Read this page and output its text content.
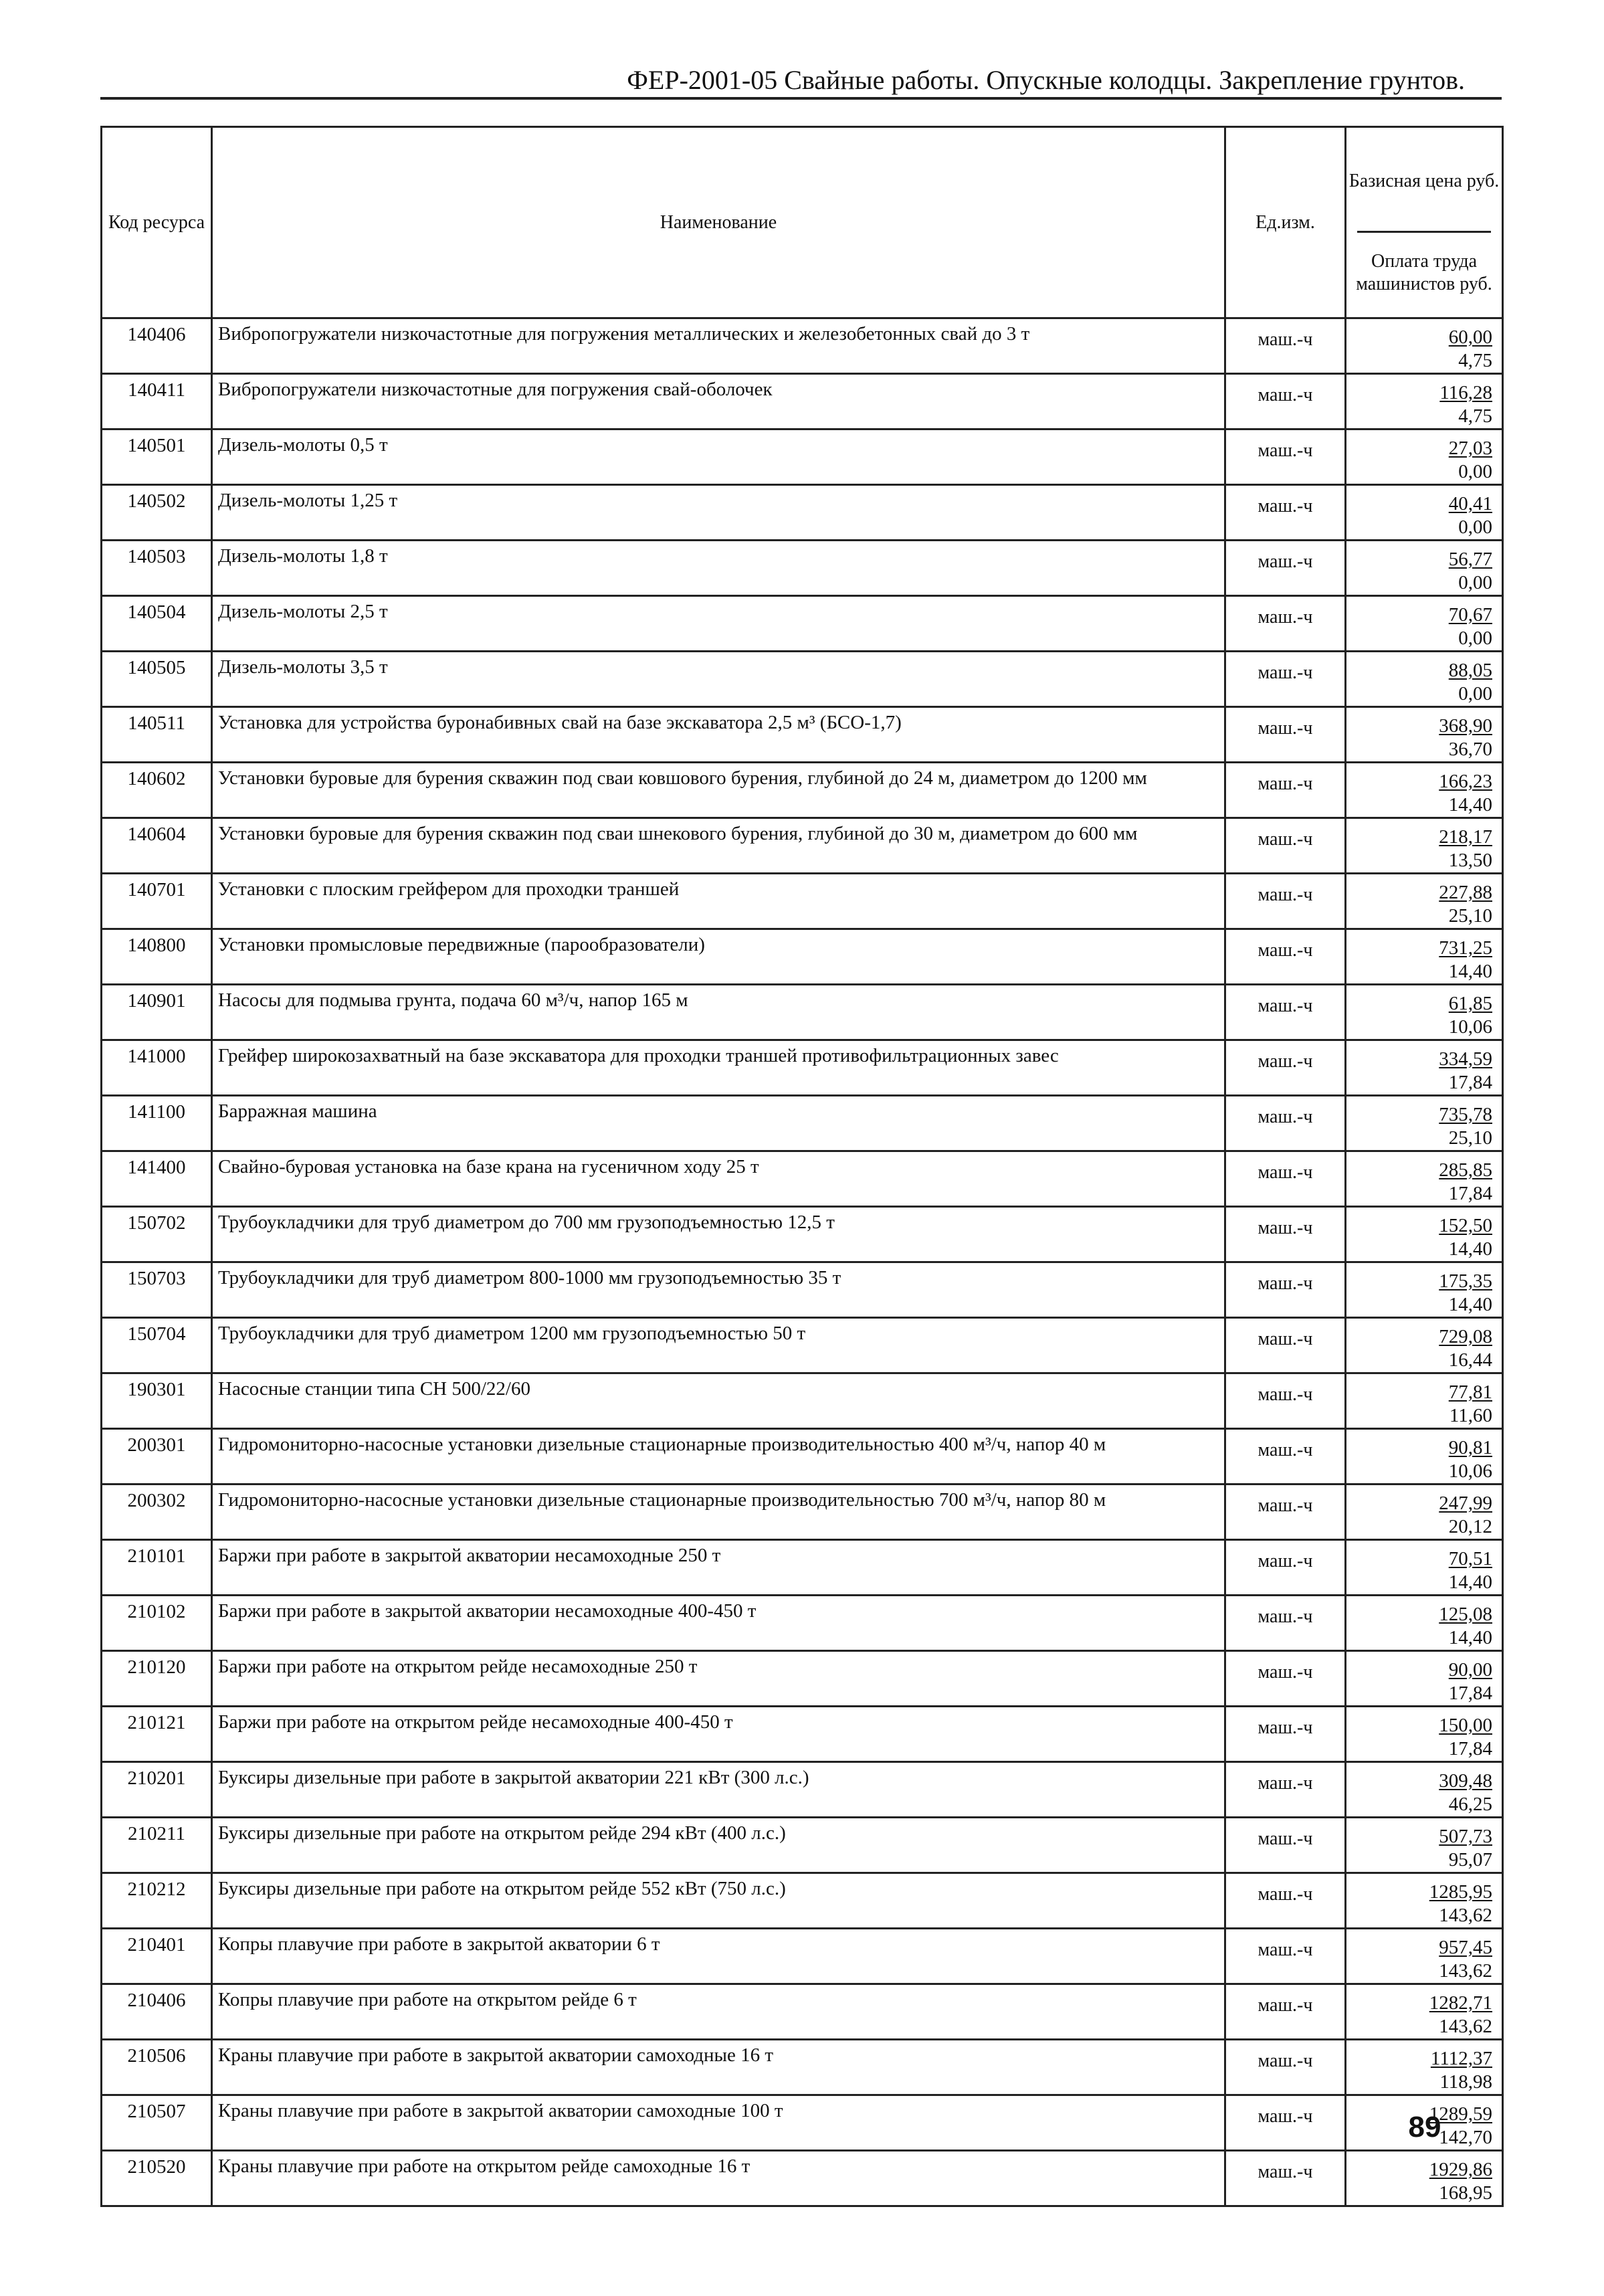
ФЕР-2001-05 Свайные работы. Опускные колодцы. Закрепление грунтов.
Код ресурса	Наименование	Ед.изм.	Базисная цена руб.
Оплата труда машинистов руб.

140406	Вибропогружатели низкочастотные для погружения металлических и железобетонных свай до 3 т	маш.-ч	60,00
4,75

140411	Вибропогружатели низкочастотные для погружения свай-оболочек	маш.-ч	116,28
4,75

140501	Дизель-молоты 0,5 т	маш.-ч	27,03
0,00

140502	Дизель-молоты 1,25 т	маш.-ч	40,41
0,00

140503	Дизель-молоты 1,8 т	маш.-ч	56,77
0,00

140504	Дизель-молоты 2,5 т	маш.-ч	70,67
0,00

140505	Дизель-молоты 3,5 т	маш.-ч	88,05
0,00

140511	Установка для устройства буронабивных свай на базе экскаватора 2,5 м³ (БСО-1,7)	маш.-ч	368,90
36,70

140602	Установки буровые для бурения скважин под сваи ковшового бурения, глубиной до 24 м, диаметром до 1200 мм	маш.-ч	166,23
14,40

140604	Установки буровые для бурения скважин под сваи шнекового бурения, глубиной до 30 м, диаметром до 600 мм	маш.-ч	218,17
13,50

140701	Установки с плоским грейфером для проходки траншей	маш.-ч	227,88
25,10

140800	Установки промысловые передвижные (парообразователи)	маш.-ч	731,25
14,40

140901	Насосы для подмыва грунта, подача 60 м³/ч, напор 165 м	маш.-ч	61,85
10,06

141000	Грейфер широкозахватный на базе экскаватора для проходки траншей противофильтрационных завес	маш.-ч	334,59
17,84

141100	Барражная машина	маш.-ч	735,78
25,10

141400	Свайно-буровая установка на базе крана на гусеничном ходу 25 т	маш.-ч	285,85
17,84

150702	Трубоукладчики для труб диаметром до 700 мм грузоподъемностью 12,5 т	маш.-ч	152,50
14,40

150703	Трубоукладчики для труб диаметром 800-1000 мм грузоподъемностью 35 т	маш.-ч	175,35
14,40

150704	Трубоукладчики для труб диаметром 1200 мм грузоподъемностью 50 т	маш.-ч	729,08
16,44

190301	Насосные станции типа СН 500/22/60	маш.-ч	77,81
11,60

200301	Гидромониторно-насосные установки дизельные стационарные производительностью 400 м³/ч, напор 40 м	маш.-ч	90,81
10,06

200302	Гидромониторно-насосные установки дизельные стационарные производительностью 700 м³/ч, напор 80 м	маш.-ч	247,99
20,12

210101	Баржи при работе в закрытой акватории несамоходные 250 т	маш.-ч	70,51
14,40

210102	Баржи при работе в закрытой акватории несамоходные 400-450 т	маш.-ч	125,08
14,40

210120	Баржи при работе на открытом рейде несамоходные 250 т	маш.-ч	90,00
17,84

210121	Баржи при работе на открытом рейде несамоходные 400-450 т	маш.-ч	150,00
17,84

210201	Буксиры дизельные при работе в закрытой акватории 221 кВт (300 л.с.)	маш.-ч	309,48
46,25

210211	Буксиры дизельные при работе на открытом рейде 294 кВт (400 л.с.)	маш.-ч	507,73
95,07

210212	Буксиры дизельные при работе на открытом рейде 552 кВт (750 л.с.)	маш.-ч	1285,95
143,62

210401	Копры плавучие при работе в закрытой акватории 6 т	маш.-ч	957,45
143,62

210406	Копры плавучие при работе на открытом рейде 6 т	маш.-ч	1282,71
143,62

210506	Краны плавучие при работе в закрытой акватории самоходные 16 т	маш.-ч	1112,37
118,98

210507	Краны плавучие при работе в закрытой акватории самоходные 100 т	маш.-ч	1289,59
142,70

210520	Краны плавучие при работе на открытом рейде самоходные 16 т	маш.-ч	1929,86
168,95
89
